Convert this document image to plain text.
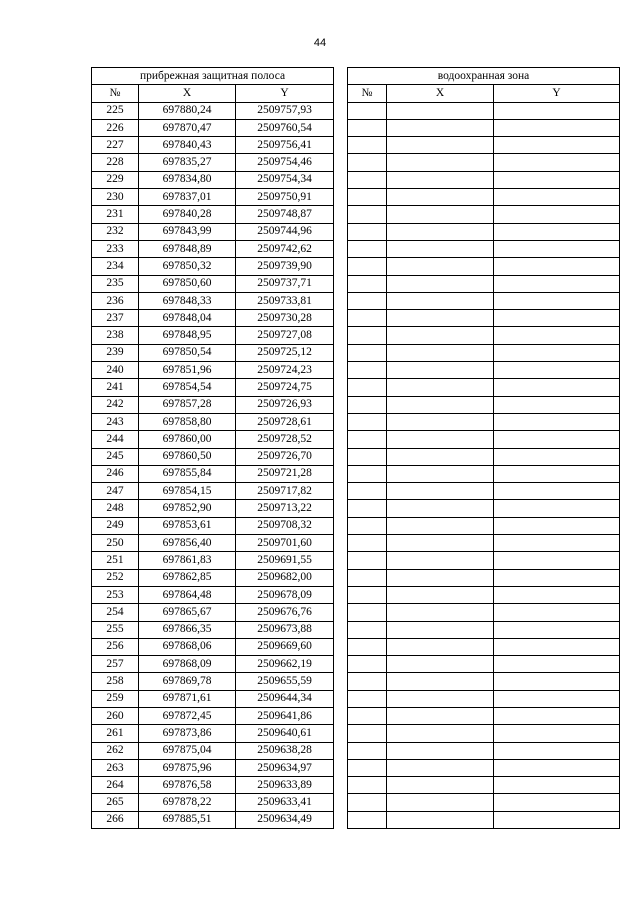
44
прибрежная защитная полоса				водоохранная зона		
№	X	Y		№	X	Y
225	697880,24	2509757,93				
226	697870,47	2509760,54				
227	697840,43	2509756,41				
228	697835,27	2509754,46				
229	697834,80	2509754,34				
230	697837,01	2509750,91				
231	697840,28	2509748,87				
232	697843,99	2509744,96				
233	697848,89	2509742,62				
234	697850,32	2509739,90				
235	697850,60	2509737,71				
236	697848,33	2509733,81				
237	697848,04	2509730,28				
238	697848,95	2509727,08				
239	697850,54	2509725,12				
240	697851,96	2509724,23				
241	697854,54	2509724,75				
242	697857,28	2509726,93				
243	697858,80	2509728,61				
244	697860,00	2509728,52				
245	697860,50	2509726,70				
246	697855,84	2509721,28				
247	697854,15	2509717,82				
248	697852,90	2509713,22				
249	697853,61	2509708,32				
250	697856,40	2509701,60				
251	697861,83	2509691,55				
252	697862,85	2509682,00				
253	697864,48	2509678,09				
254	697865,67	2509676,76				
255	697866,35	2509673,88				
256	697868,06	2509669,60				
257	697868,09	2509662,19				
258	697869,78	2509655,59				
259	697871,61	2509644,34				
260	697872,45	2509641,86				
261	697873,86	2509640,61				
262	697875,04	2509638,28				
263	697875,96	2509634,97				
264	697876,58	2509633,89				
265	697878,22	2509633,41				
266	697885,51	2509634,49				
